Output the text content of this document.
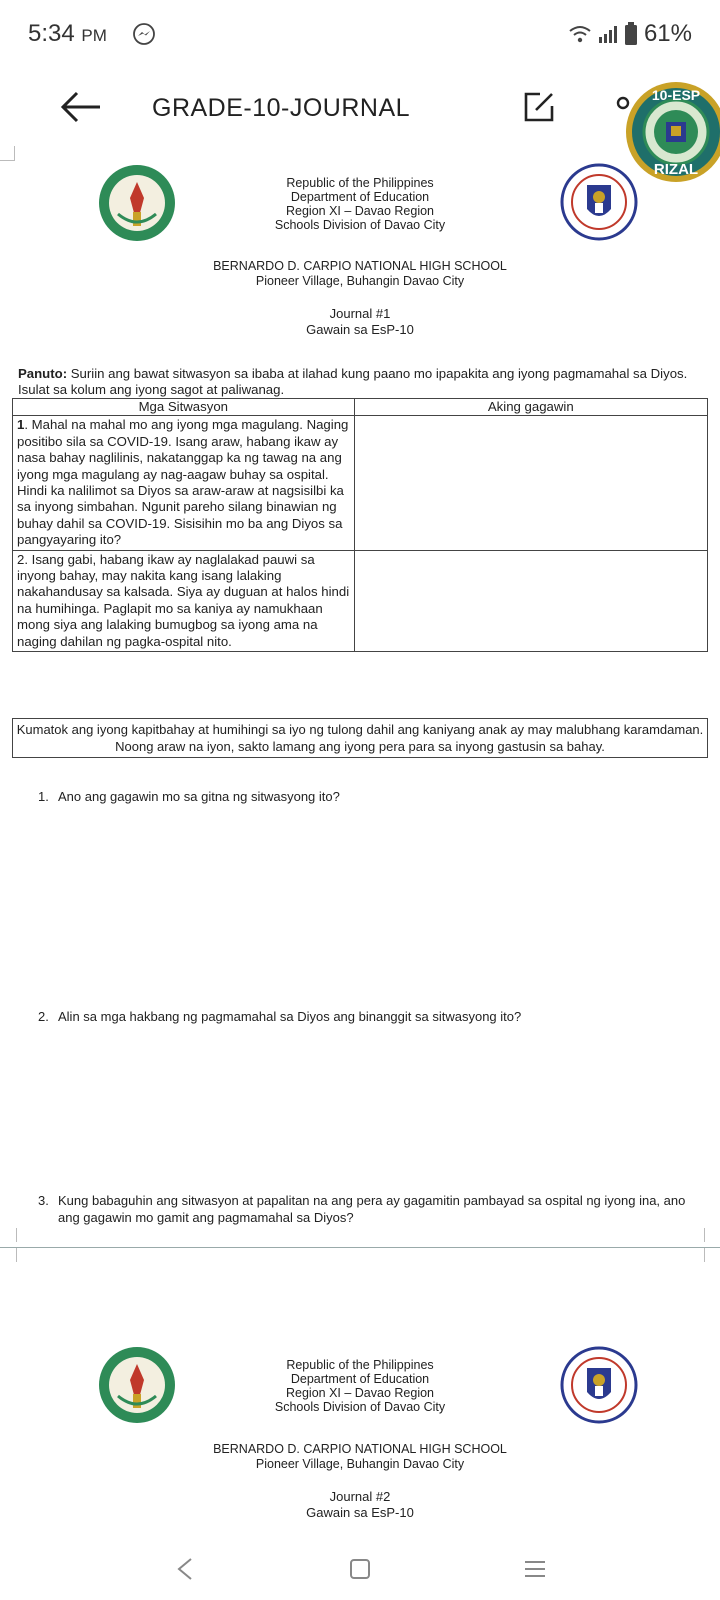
5:34 PM	61%
GRADE-10-JOURNAL	10-ESP
RIZAL
Republic of the Philippines
Department of Education
Region XI – Davao Region
Schools Division of Davao City
BERNARDO D. CARPIO NATIONAL HIGH SCHOOL
Pioneer Village, Buhangin Davao City
Journal #1
Gawain sa EsP-10
Panuto: Suriin ang bawat sitwasyon sa ibaba at ilahad kung paano mo ipapakita ang iyong pagmamahal sa Diyos. Isulat sa kolum ang iyong sagot at paliwanag.
Mga Sitwasyon	Aking gagawin
1. Mahal na mahal mo ang iyong mga magulang. Naging positibo sila sa COVID-19. Isang araw, habang ikaw ay nasa bahay naglilinis, nakatanggap ka ng tawag na ang iyong mga magulang ay nag-aagaw buhay sa ospital. Hindi ka nalilimot sa Diyos sa araw-araw at nagsisilbi ka sa inyong simbahan. Ngunit pareho silang binawian ng buhay dahil sa COVID-19. Sisisihin mo ba ang Diyos sa pangyayaring ito?	
2. Isang gabi, habang ikaw ay naglalakad pauwi sa inyong bahay, may nakita kang isang lalaking nakahandusay sa kalsada. Siya ay duguan at halos hindi na humihinga. Paglapit mo sa kaniya ay namukhaan mong siya ang lalaking bumugbog sa iyong ama na naging dahilan ng pagka-ospital nito.	
Kumatok ang iyong kapitbahay at humihingi sa iyo ng tulong dahil ang kaniyang anak ay may malubhang karamdaman. Noong araw na iyon, sakto lamang ang iyong pera para sa inyong gastusin sa bahay.
1. Ano ang gagawin mo sa gitna ng sitwasyong ito?
2. Alin sa mga hakbang ng pagmamahal sa Diyos ang binanggit sa sitwasyong ito?
3. Kung babaguhin ang sitwasyon at papalitan na ang pera ay gagamitin pambayad sa ospital ng iyong ina, ano ang gagawin mo gamit ang pagmamahal sa Diyos?
Republic of the Philippines
Department of Education
Region XI – Davao Region
Schools Division of Davao City
BERNARDO D. CARPIO NATIONAL HIGH SCHOOL
Pioneer Village, Buhangin Davao City
Journal #2
Gawain sa EsP-10
